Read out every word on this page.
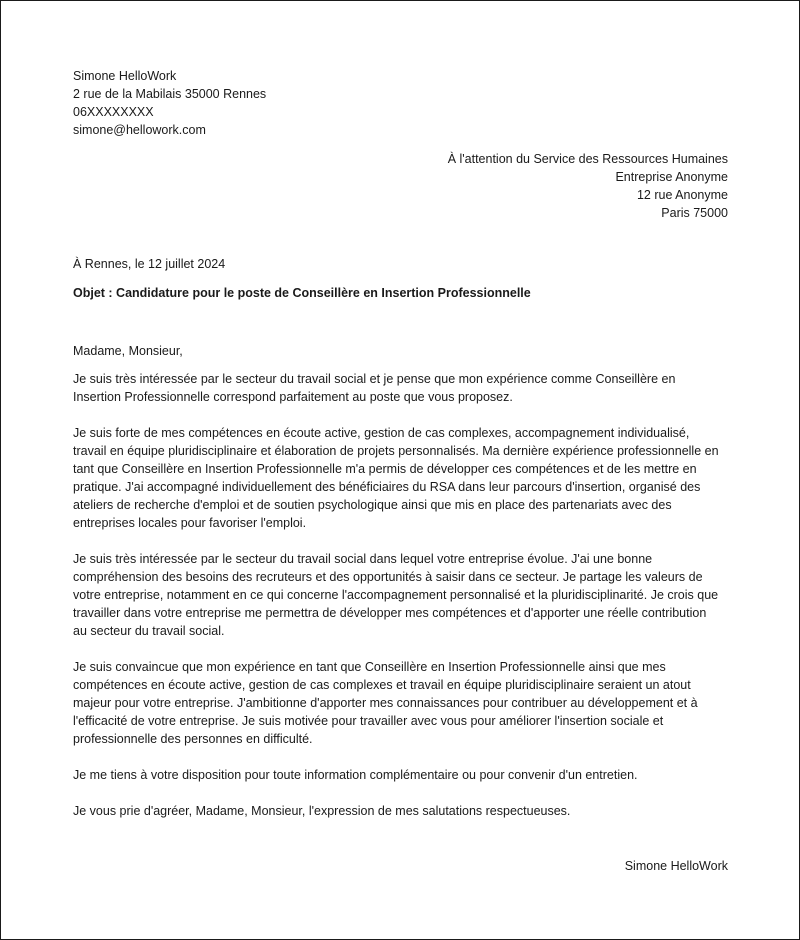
Simone HelloWork
2 rue de la Mabilais 35000 Rennes
06XXXXXXXX
simone@hellowork.com
À l'attention du Service des Ressources Humaines
Entreprise Anonyme
12 rue Anonyme
Paris 75000
À Rennes, le 12 juillet 2024
Objet : Candidature pour le poste de Conseillère en Insertion Professionnelle

Madame, Monsieur,

Je suis très intéressée par le secteur du travail social et je pense que mon expérience comme Conseillère en Insertion Professionnelle correspond parfaitement au poste que vous proposez.

Je suis forte de mes compétences en écoute active, gestion de cas complexes, accompagnement individualisé, travail en équipe pluridisciplinaire et élaboration de projets personnalisés. Ma dernière expérience professionnelle en tant que Conseillère en Insertion Professionnelle m'a permis de développer ces compétences et de les mettre en pratique. J'ai accompagné individuellement des bénéficiaires du RSA dans leur parcours d'insertion, organisé des ateliers de recherche d'emploi et de soutien psychologique ainsi que mis en place des partenariats avec des entreprises locales pour favoriser l'emploi.

Je suis très intéressée par le secteur du travail social dans lequel votre entreprise évolue. J'ai une bonne compréhension des besoins des recruteurs et des opportunités à saisir dans ce secteur. Je partage les valeurs de votre entreprise, notamment en ce qui concerne l'accompagnement personnalisé et la pluridisciplinarité. Je crois que travailler dans votre entreprise me permettra de développer mes compétences et d'apporter une réelle contribution au secteur du travail social.

Je suis convaincue que mon expérience en tant que Conseillère en Insertion Professionnelle ainsi que mes compétences en écoute active, gestion de cas complexes et travail en équipe pluridisciplinaire seraient un atout majeur pour votre entreprise. J'ambitionne d'apporter mes connaissances pour contribuer au développement et à l'efficacité de votre entreprise. Je suis motivée pour travailler avec vous pour améliorer l'insertion sociale et professionnelle des personnes en difficulté.

Je me tiens à votre disposition pour toute information complémentaire ou pour convenir d'un entretien.

Je vous prie d'agréer, Madame, Monsieur, l'expression de mes salutations respectueuses.

Simone HelloWork
